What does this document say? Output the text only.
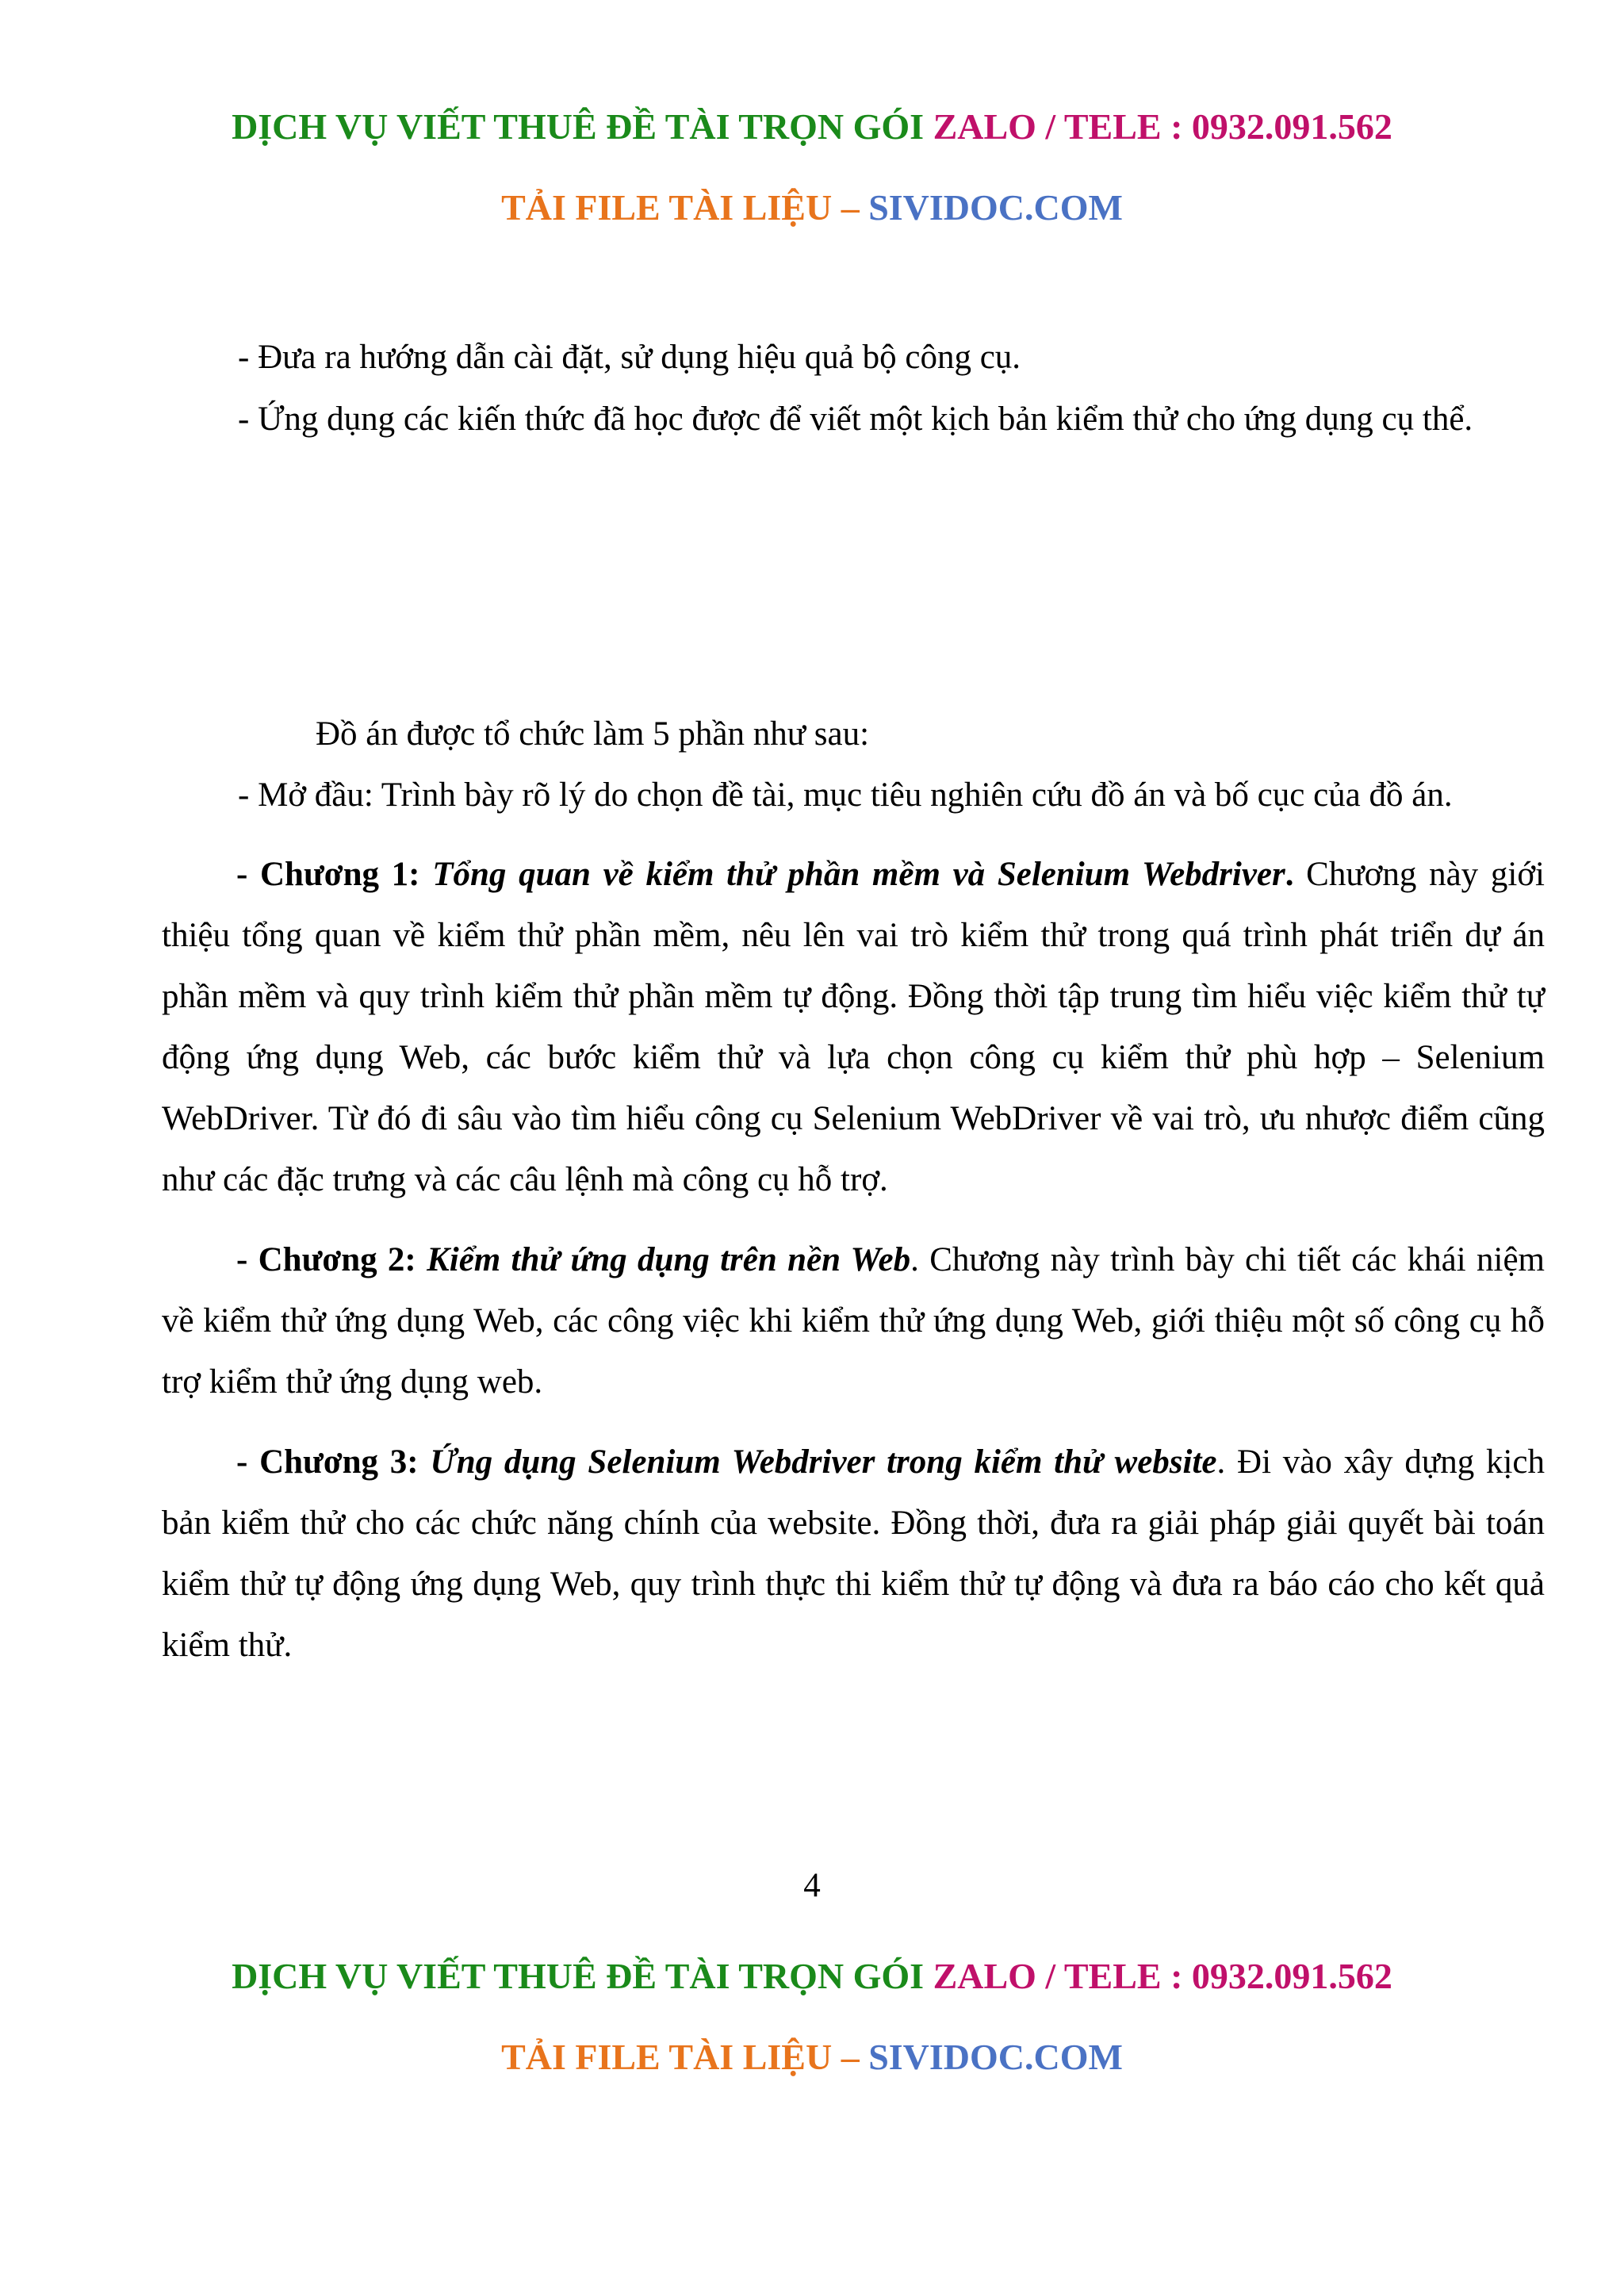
DỊCH VỤ VIẾT THUÊ ĐỀ TÀI TRỌN GÓI ZALO / TELE : 0932.091.562
TẢI FILE TÀI LIỆU – SIVIDOC.COM
- Đưa ra hướng dẫn cài đặt, sử dụng hiệu quả bộ công cụ.
- Ứng dụng các kiến thức đã học được để viết một kịch bản kiểm thử cho ứng dụng cụ thể.
Đồ án được tổ chức làm 5 phần như sau:
- Mở đầu: Trình bày rõ lý do chọn đề tài, mục tiêu nghiên cứu đồ án và bố cục của đồ án.
- Chương 1: Tổng quan về kiểm thử phần mềm và Selenium Webdriver. Chương này giới thiệu tổng quan về kiểm thử phần mềm, nêu lên vai trò kiểm thử trong quá trình phát triển dự án phần mềm và quy trình kiểm thử phần mềm tự động. Đồng thời tập trung tìm hiểu việc kiểm thử tự động ứng dụng Web, các bước kiểm thử và lựa chọn công cụ kiểm thử phù hợp – Selenium WebDriver. Từ đó đi sâu vào tìm hiểu công cụ Selenium WebDriver về vai trò, ưu nhược điểm cũng như các đặc trưng và các câu lệnh mà công cụ hỗ trợ.
- Chương 2: Kiểm thử ứng dụng trên nền Web. Chương này trình bày chi tiết các khái niệm về kiểm thử ứng dụng Web, các công việc khi kiểm thử ứng dụng Web, giới thiệu một số công cụ hỗ trợ kiểm thử ứng dụng web.
- Chương 3: Ứng dụng Selenium Webdriver trong kiểm thử website. Đi vào xây dựng kịch bản kiểm thử cho các chức năng chính của website. Đồng thời, đưa ra giải pháp giải quyết bài toán kiểm thử tự động ứng dụng Web, quy trình thực thi kiểm thử tự động và đưa ra báo cáo cho kết quả kiểm thử.
4
DỊCH VỤ VIẾT THUÊ ĐỀ TÀI TRỌN GÓI ZALO / TELE : 0932.091.562
TẢI FILE TÀI LIỆU – SIVIDOC.COM
